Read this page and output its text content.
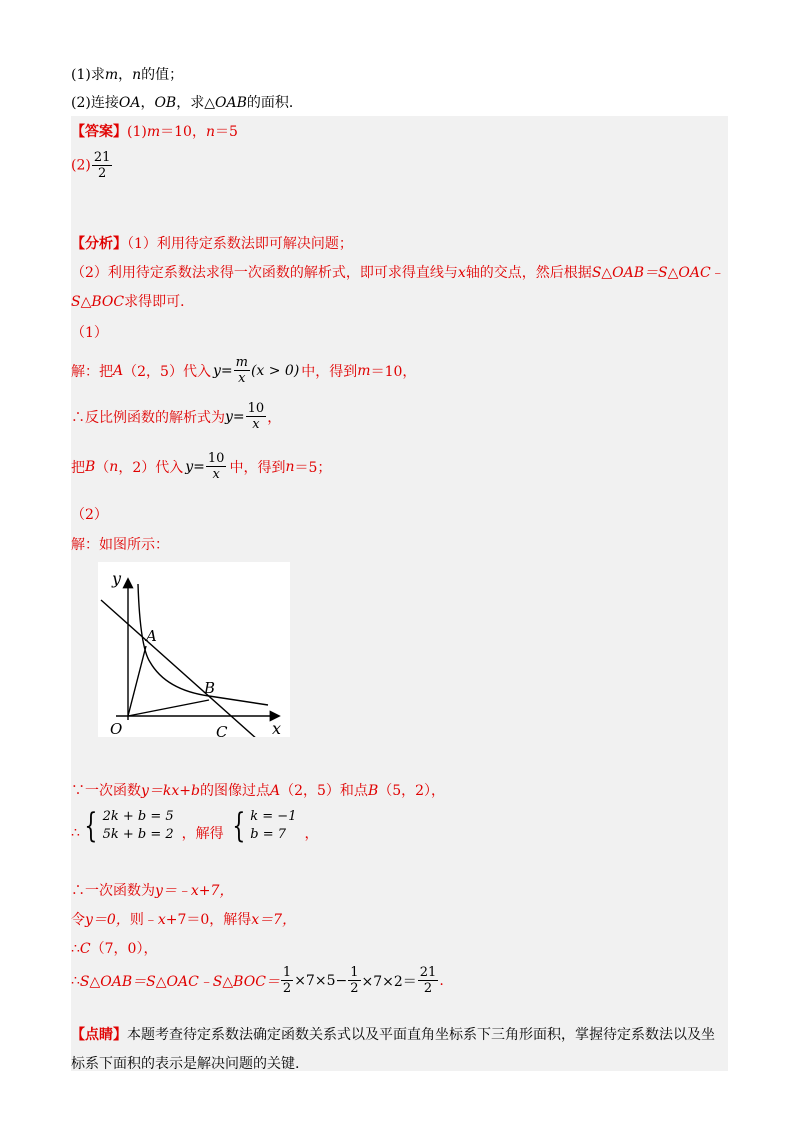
(1)求m，n的值；
(2)连接OA，OB，求△OAB的面积．
【答案】(1)m＝10，n＝5
$(2) \frac{21}{2}$
【分析】（1）利用待定系数法即可解决问题；
（2）利用待定系数法求得一次函数的解析式，即可求得直线与x轴的交点，然后根据S△OAB＝S△OAC﹣
S△BOC求得即可．
（1）
解：把 A （2，5）代入 $y = \frac{m}{x} (x > 0)$ 中，得到 m ＝10，
∴反比例函数的解析式为 $y = \frac{10}{x}$ ，
把 B （ n ，2）代入 $y = \frac{10}{x}$ 中，得到 n ＝5；
（2）
解：如图所示：
y
x
A
B
C
O
∵一次函数y＝kx+b的图像过点A（2，5）和点B（5，2），
∴ { 2k + b = 5
5k + b = 2 ，解得 { k = −1
b = 7	，
∴一次函数为y＝﹣x+7，
令y＝0，则﹣x+7＝0，解得x＝7，
∴C（7，0），
∴ S△OAB＝S△OAC﹣S△BOC＝ $\frac{1}{2} \times 7\times 5- \frac{1}{2} \times 7\times 2= \frac{21}{2}$ .
【点睛】本题考查待定系数法确定函数关系式以及平面直角坐标系下三角形面积，掌握待定系数法以及坐
标系下面积的表示是解决问题的关键.
